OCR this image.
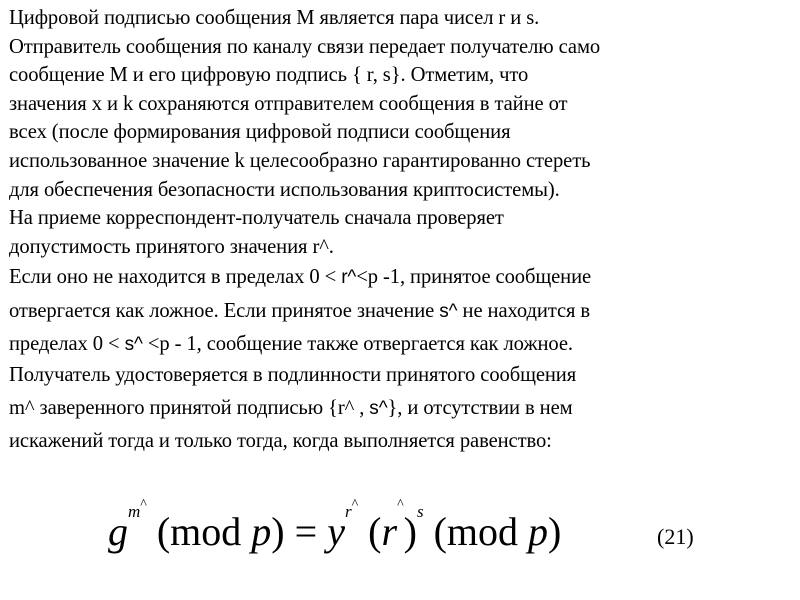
Цифровой подписью сообщения M является пара чисел r и s.
Отправитель сообщения по каналу связи передает получателю само
сообщение M и его цифровую подпись { r, s}. Отметим, что
значения x и k сохраняются отправителем сообщения в тайне от
всех (после формирования цифровой подписи сообщения
использованное значение k целесообразно гарантированно стереть
для обеспечения безопасности использования криптосистемы).
На приеме корреспондент-получатель сначала проверяет
допустимость принятого значения r^.
Если оно не находится в пределах 0 < r^<p -1, принятое сообщение
отвергается как ложное. Если принятое значение s^ не находится в
пределах 0 < s^ <p - 1, сообщение также отвергается как ложное.
Получатель удостоверяется в подлинности принятого сообщения
m^ заверенного принятой подписью {r^ , s^}, и отсутствии в нем
искажений тогда и только тогда, когда выполняется равенство:
$g^{m\^{}}$ (mod $p) = y^{r\^{}}$ $(r^{\^{}})^s$ (mod p)	(21)
